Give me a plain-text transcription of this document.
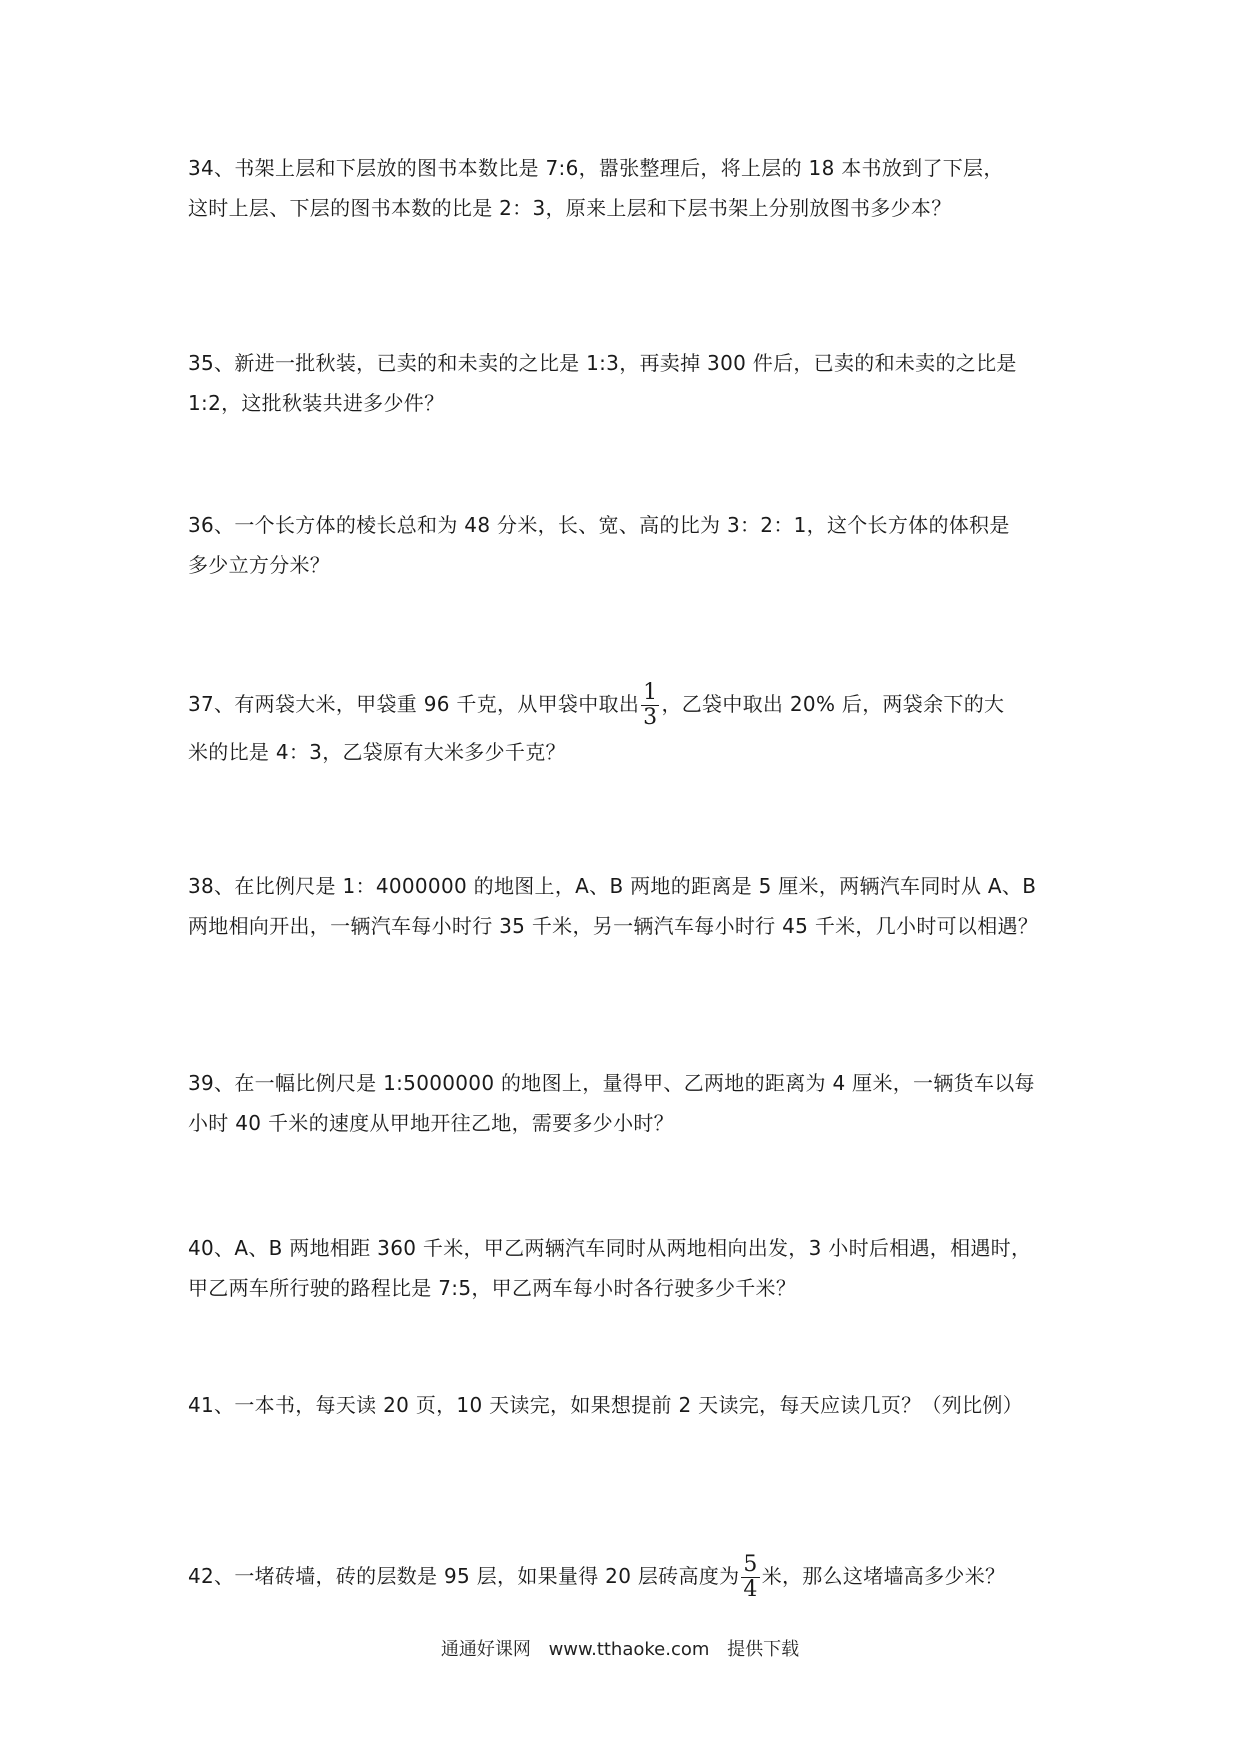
34、书架上层和下层放的图书本数比是 7:6，嚣张整理后，将上层的 18 本书放到了下层，

这时上层、下层的图书本数的比是 2：3，原来上层和下层书架上分别放图书多少本？

35、新进一批秋装，已卖的和未卖的之比是 1:3，再卖掉 300 件后，已卖的和未卖的之比是

1:2，这批秋装共进多少件？

36、一个长方体的棱长总和为 48 分米，长、宽、高的比为 3：2：1，这个长方体的体积是

多少立方分米？

37、有两袋大米，甲袋重 96 千克，从甲袋中取出 $\frac{1}{3}$ ，乙袋中取出 20% 后，两袋余下的大

米的比是 4：3，乙袋原有大米多少千克？

38、在比例尺是 1：4000000 的地图上，A、B 两地的距离是 5 厘米，两辆汽车同时从 A、B

两地相向开出，一辆汽车每小时行 35 千米，另一辆汽车每小时行 45 千米，几小时可以相遇？

39、在一幅比例尺是 1:5000000 的地图上，量得甲、乙两地的距离为 4 厘米，一辆货车以每

小时 40 千米的速度从甲地开往乙地，需要多少小时？

40、A、B 两地相距 360 千米，甲乙两辆汽车同时从两地相向出发，3 小时后相遇，相遇时，

甲乙两车所行驶的路程比是 7:5，甲乙两车每小时各行驶多少千米？

41、一本书，每天读 20 页，10 天读完，如果想提前 2 天读完，每天应读几页？（列比例）

42、一堵砖墙，砖的层数是 95 层，如果量得 20 层砖高度为 $\frac{5}{4}$ 米，那么这堵墙高多少米？

通通好课网 www.tthaoke.com 提供下载
